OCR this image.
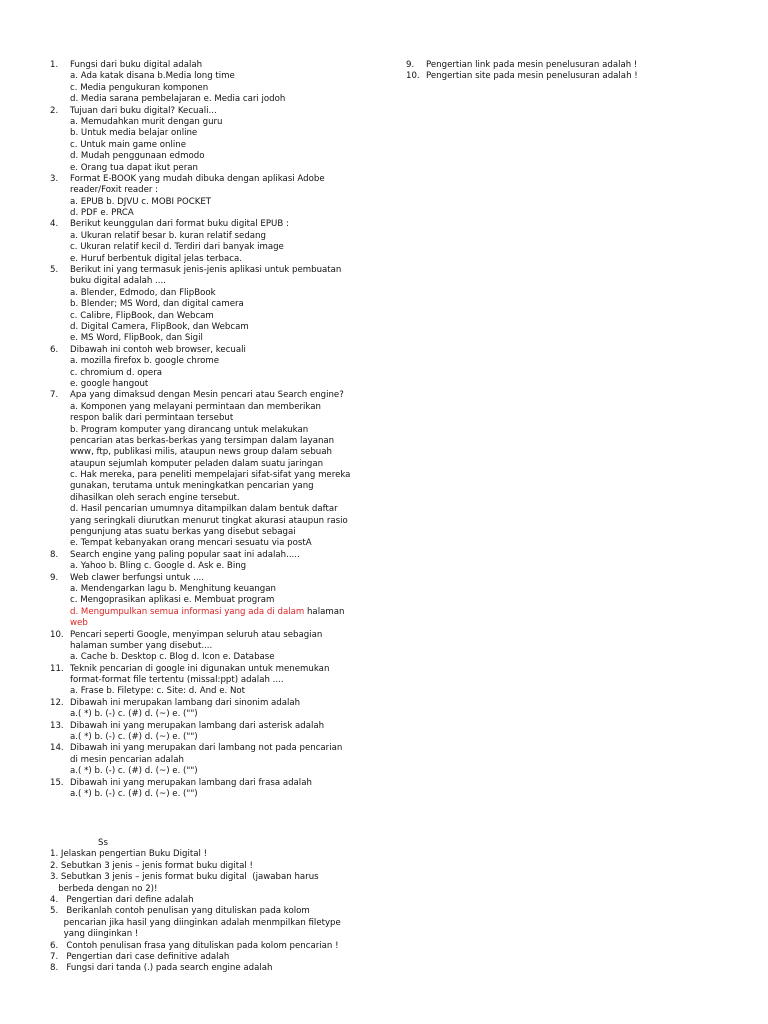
1. Fungsi dari buku digital adalah
a. Ada katak disana b.Media long time
c. Media pengukuran komponen
d. Media sarana pembelajaran e. Media cari jodoh
2. Tujuan dari buku digital? Kecuali...
a. Memudahkan murit dengan guru
b. Untuk media belajar online
c. Untuk main game online
d. Mudah penggunaan edmodo
e. Orang tua dapat ikut peran
3. Format E-BOOK yang mudah dibuka dengan aplikasi Adobe
reader/Foxit reader :
a. EPUB b. DJVU c. MOBI POCKET
d. PDF e. PRCA
4. Berikut keunggulan dari format buku digital EPUB :
a. Ukuran relatif besar b. kuran relatif sedang
c. Ukuran relatif kecil d. Terdiri dari banyak image
e. Huruf berbentuk digital jelas terbaca.
5. Berikut ini yang termasuk jenis-jenis aplikasi untuk pembuatan
buku digital adalah ....
a. Blender, Edmodo, dan FlipBook
b. Blender; MS Word, dan digital camera
c. Calibre, FlipBook, dan Webcam
d. Digital Camera, FlipBook, dan Webcam
e. MS Word, FlipBook, dan Sigil
6. Dibawah ini contoh web browser, kecuali
a. mozilla firefox b. google chrome
c. chromium d. opera
e. google hangout
7. Apa yang dimaksud dengan Mesin pencari atau Search engine?
a. Komponen yang melayani permintaan dan memberikan
respon balik dari permintaan tersebut
b. Program komputer yang dirancang untuk melakukan
pencarian atas berkas-berkas yang tersimpan dalam layanan
www, ftp, publikasi milis, ataupun news group dalam sebuah
ataupun sejumlah komputer peladen dalam suatu jaringan
c. Hak mereka, para peneliti mempelajari sifat-sifat yang mereka
gunakan, terutama untuk meningkatkan pencarian yang
dihasilkan oleh serach engine tersebut.
d. Hasil pencarian umumnya ditampilkan dalam bentuk daftar
yang seringkali diurutkan menurut tingkat akurasi ataupun rasio
pengunjung atas suatu berkas yang disebut sebagai
e. Tempat kebanyakan orang mencari sesuatu via postA
8. Search engine yang paling popular saat ini adalah.....
a. Yahoo b. Bling c. Google d. Ask e. Bing
9. Web clawer berfungsi untuk ....
a. Mendengarkan lagu b. Menghitung keuangan
c. Mengoprasikan aplikasi e. Membuat program
d. Mengumpulkan semua informasi yang ada di dalam halaman
web
10. Pencari seperti Google, menyimpan seluruh atau sebagian
halaman sumber yang disebut....
a. Cache b. Desktop c. Blog d. Icon e. Database
11. Teknik pencarian di google ini digunakan untuk menemukan
format-format file tertentu (missal:ppt) adalah ....
a. Frase b. Filetype: c. Site: d. And e. Not
12. Dibawah ini merupakan lambang dari sinonim adalah
a.( *) b. (-) c. (#) d. (~) e. ("")
13. Dibawah ini yang merupakan lambang dari asterisk adalah
a.( *) b. (-) c. (#) d. (~) e. ("")
14. Dibawah ini yang merupakan dari lambang not pada pencarian
di mesin pencarian adalah
a.( *) b. (-) c. (#) d. (~) e. ("")
15. Dibawah ini yang merupakan lambang dari frasa adalah
a.( *) b. (-) c. (#) d. (~) e. ("")
9. Pengertian link pada mesin penelusuran adalah !
10. Pengertian site pada mesin penelusuran adalah !
Ss
1. Jelaskan pengertian Buku Digital !
2. Sebutkan 3 jenis – jenis format buku digital !
3. Sebutkan 3 jenis – jenis format buku digital  (jawaban harus
berbeda dengan no 2)!
4.   Pengertian dari define adalah
5.   Berikanlah contoh penulisan yang dituliskan pada kolom
pencarian jika hasil yang diinginkan adalah menmpilkan filetype
yang diinginkan !
6.   Contoh penulisan frasa yang dituliskan pada kolom pencarian !
7.   Pengertian dari case definitive adalah
8.   Fungsi dari tanda (.) pada search engine adalah
